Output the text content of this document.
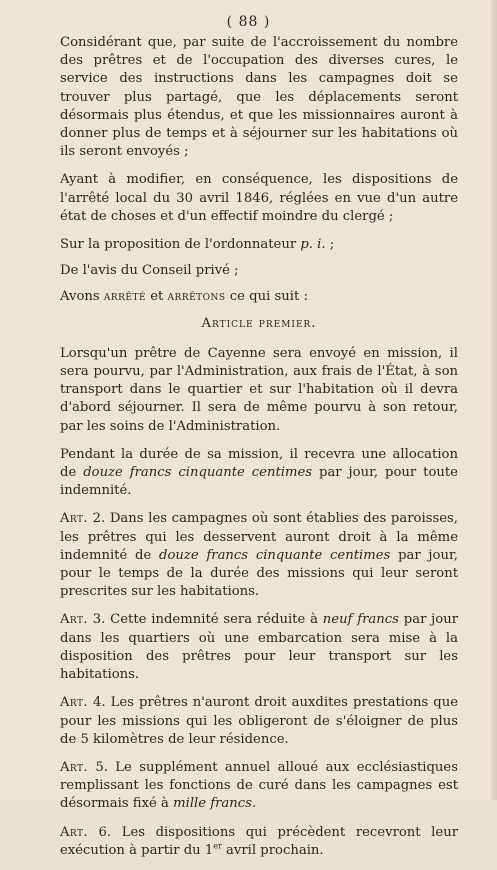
( 88 )

Considérant que, par suite de l'accroissement du nombre des prêtres et de l'occupation des diverses cures, le service des instructions dans les campagnes doit se trouver plus partagé, que les déplacements seront désormais plus étendus, et que les missionnaires auront à donner plus de temps et à séjourner sur les habitations où ils seront envoyés ;

Ayant à modifier, en conséquence, les dispositions de l'arrêté local du 30 avril 1846, réglées en vue d'un autre état de choses et d'un effectif moindre du clergé ;

Sur la proposition de l'ordonnateur p. i. ;

De l'avis du Conseil privé ;

Avons arrêté et arrêtons ce qui suit :

Article premier.

Lorsqu'un prêtre de Cayenne sera envoyé en mission, il sera pourvu, par l'Administration, aux frais de l'État, à son transport dans le quartier et sur l'habitation où il devra d'abord séjourner. Il sera de même pourvu à son retour, par les soins de l'Administration.

Pendant la durée de sa mission, il recevra une allocation de douze francs cinquante centimes par jour, pour toute indemnité.

Art. 2. Dans les campagnes où sont établies des paroisses, les prêtres qui les desservent auront droit à la même indemnité de douze francs cinquante centimes par jour, pour le temps de la durée des missions qui leur seront prescrites sur les habitations.

Art. 3. Cette indemnité sera réduite à neuf francs par jour dans les quartiers où une embarcation sera mise à la disposition des prêtres pour leur transport sur les habitations.

Art. 4. Les prêtres n'auront droit auxdites prestations que pour les missions qui les obligeront de s'éloigner de plus de 5 kilomètres de leur résidence.

Art. 5. Le supplément annuel alloué aux ecclésiastiques remplissant les fonctions de curé dans les campagnes est désormais fixé à mille francs.

Art. 6. Les dispositions qui précèdent recevront leur exécution à partir du 1er avril prochain.
